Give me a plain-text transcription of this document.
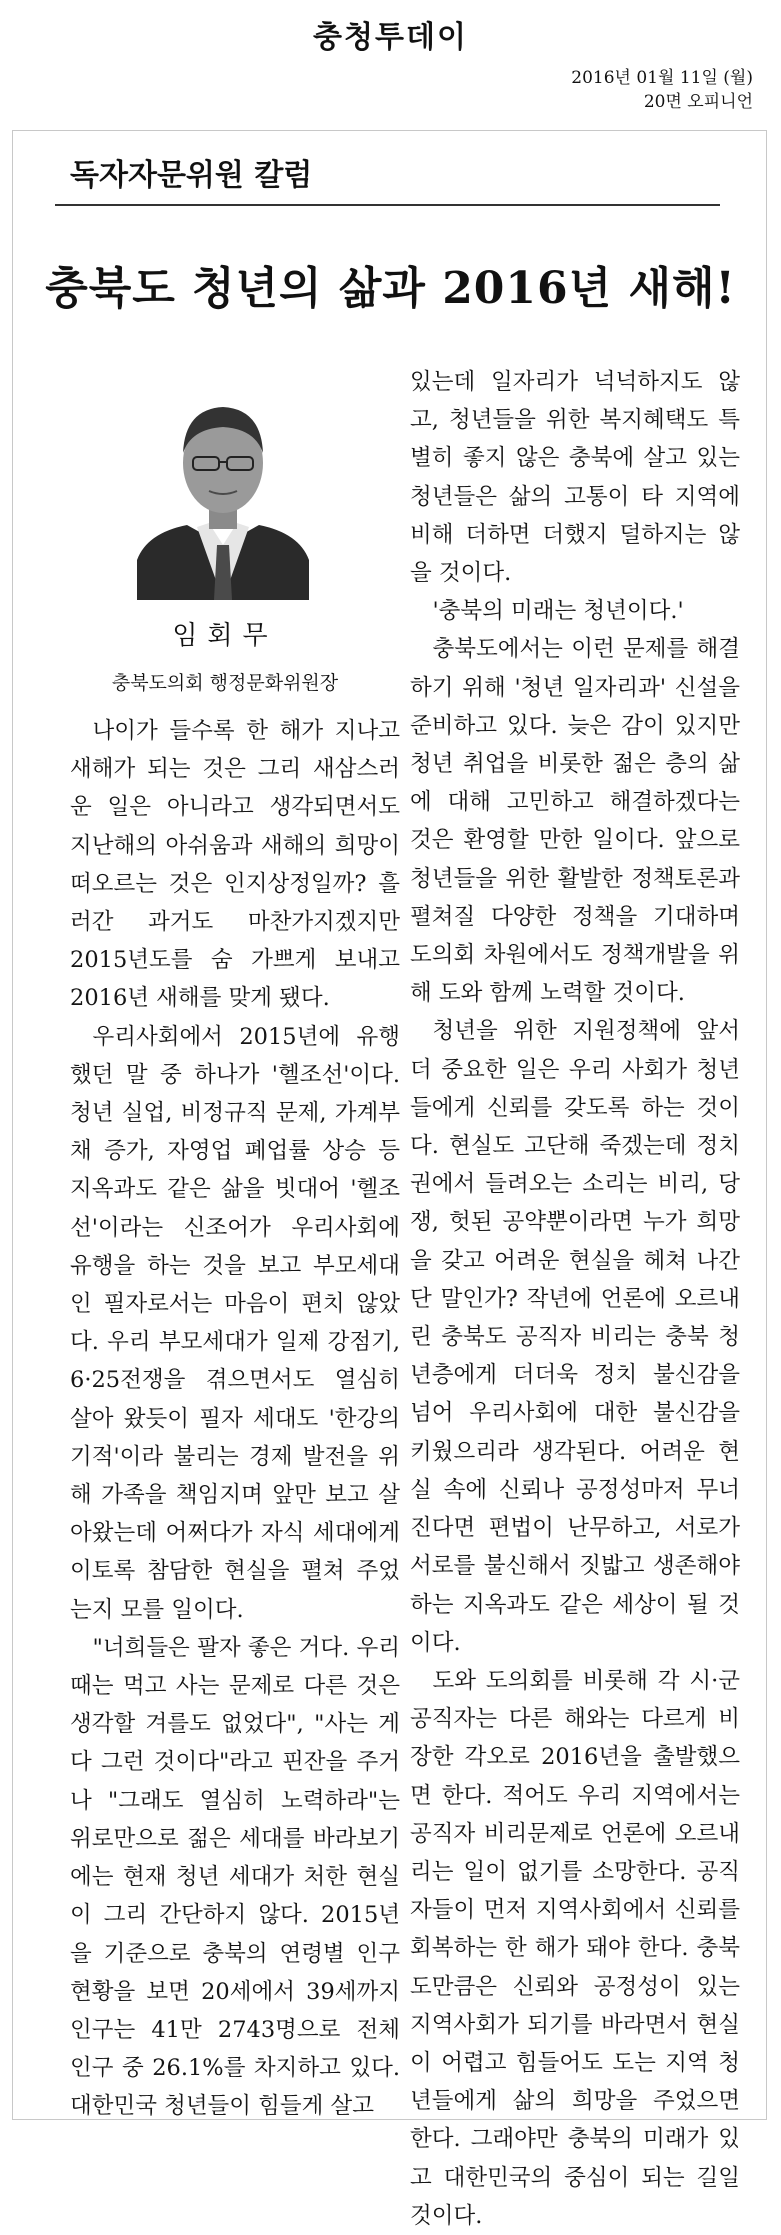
충청투데이
2016년 01월 11일 (월)
20면 오피니언
독자자문위원 칼럼
충북도 청년의 삶과 2016년 새해!
임회무
충북도의회 행정문화위원장

나이가 들수록 한 해가 지나고 새해가 되는 것은 그리 새삼스러운 일은 아니라고 생각되면서도 지난해의 아쉬움과 새해의 희망이 떠오르는 것은 인지상정일까? 흘러간 과거도 마찬가지겠지만 2015년도를 숨 가쁘게 보내고 2016년 새해를 맞게 됐다.

우리사회에서 2015년에 유행했던 말 중 하나가 '헬조선'이다. 청년 실업, 비정규직 문제, 가계부채 증가, 자영업 폐업률 상승 등 지옥과도 같은 삶을 빗대어 '헬조선'이라는 신조어가 우리사회에 유행을 하는 것을 보고 부모세대인 필자로서는 마음이 편치 않았다. 우리 부모세대가 일제 강점기, 6·25전쟁을 겪으면서도 열심히 살아 왔듯이 필자 세대도 '한강의 기적'이라 불리는 경제 발전을 위해 가족을 책임지며 앞만 보고 살아왔는데 어쩌다가 자식 세대에게 이토록 참담한 현실을 펼쳐 주었는지 모를 일이다.

"너희들은 팔자 좋은 거다. 우리 때는 먹고 사는 문제로 다른 것은 생각할 겨를도 없었다", "사는 게 다 그런 것이다"라고 핀잔을 주거나 "그래도 열심히 노력하라"는 위로만으로 젊은 세대를 바라보기에는 현재 청년 세대가 처한 현실이 그리 간단하지 않다. 2015년을 기준으로 충북의 연령별 인구현황을 보면 20세에서 39세까지 인구는 41만 2743명으로 전체 인구 중 26.1%를 차지하고 있다. 대한민국 청년들이 힘들게 살고

있는데 일자리가 넉넉하지도 않고, 청년들을 위한 복지혜택도 특별히 좋지 않은 충북에 살고 있는 청년들은 삶의 고통이 타 지역에 비해 더하면 더했지 덜하지는 않을 것이다.

'충북의 미래는 청년이다.'

충북도에서는 이런 문제를 해결하기 위해 '청년 일자리과' 신설을 준비하고 있다. 늦은 감이 있지만 청년 취업을 비롯한 젊은 층의 삶에 대해 고민하고 해결하겠다는 것은 환영할 만한 일이다. 앞으로 청년들을 위한 활발한 정책토론과 펼쳐질 다양한 정책을 기대하며 도의회 차원에서도 정책개발을 위해 도와 함께 노력할 것이다.

청년을 위한 지원정책에 앞서 더 중요한 일은 우리 사회가 청년들에게 신뢰를 갖도록 하는 것이다. 현실도 고단해 죽겠는데 정치권에서 들려오는 소리는 비리, 당쟁, 헛된 공약뿐이라면 누가 희망을 갖고 어려운 현실을 헤쳐 나간단 말인가? 작년에 언론에 오르내린 충북도 공직자 비리는 충북 청년층에게 더더욱 정치 불신감을 넘어 우리사회에 대한 불신감을 키웠으리라 생각된다. 어려운 현실 속에 신뢰나 공정성마저 무너진다면 편법이 난무하고, 서로가 서로를 불신해서 짓밟고 생존해야 하는 지옥과도 같은 세상이 될 것이다.

도와 도의회를 비롯해 각 시·군 공직자는 다른 해와는 다르게 비장한 각오로 2016년을 출발했으면 한다. 적어도 우리 지역에서는 공직자 비리문제로 언론에 오르내리는 일이 없기를 소망한다. 공직자들이 먼저 지역사회에서 신뢰를 회복하는 한 해가 돼야 한다. 충북도만큼은 신뢰와 공정성이 있는 지역사회가 되기를 바라면서 현실이 어렵고 힘들어도 도는 지역 청년들에게 삶의 희망을 주었으면 한다. 그래야만 충북의 미래가 있고 대한민국의 중심이 되는 길일 것이다.
